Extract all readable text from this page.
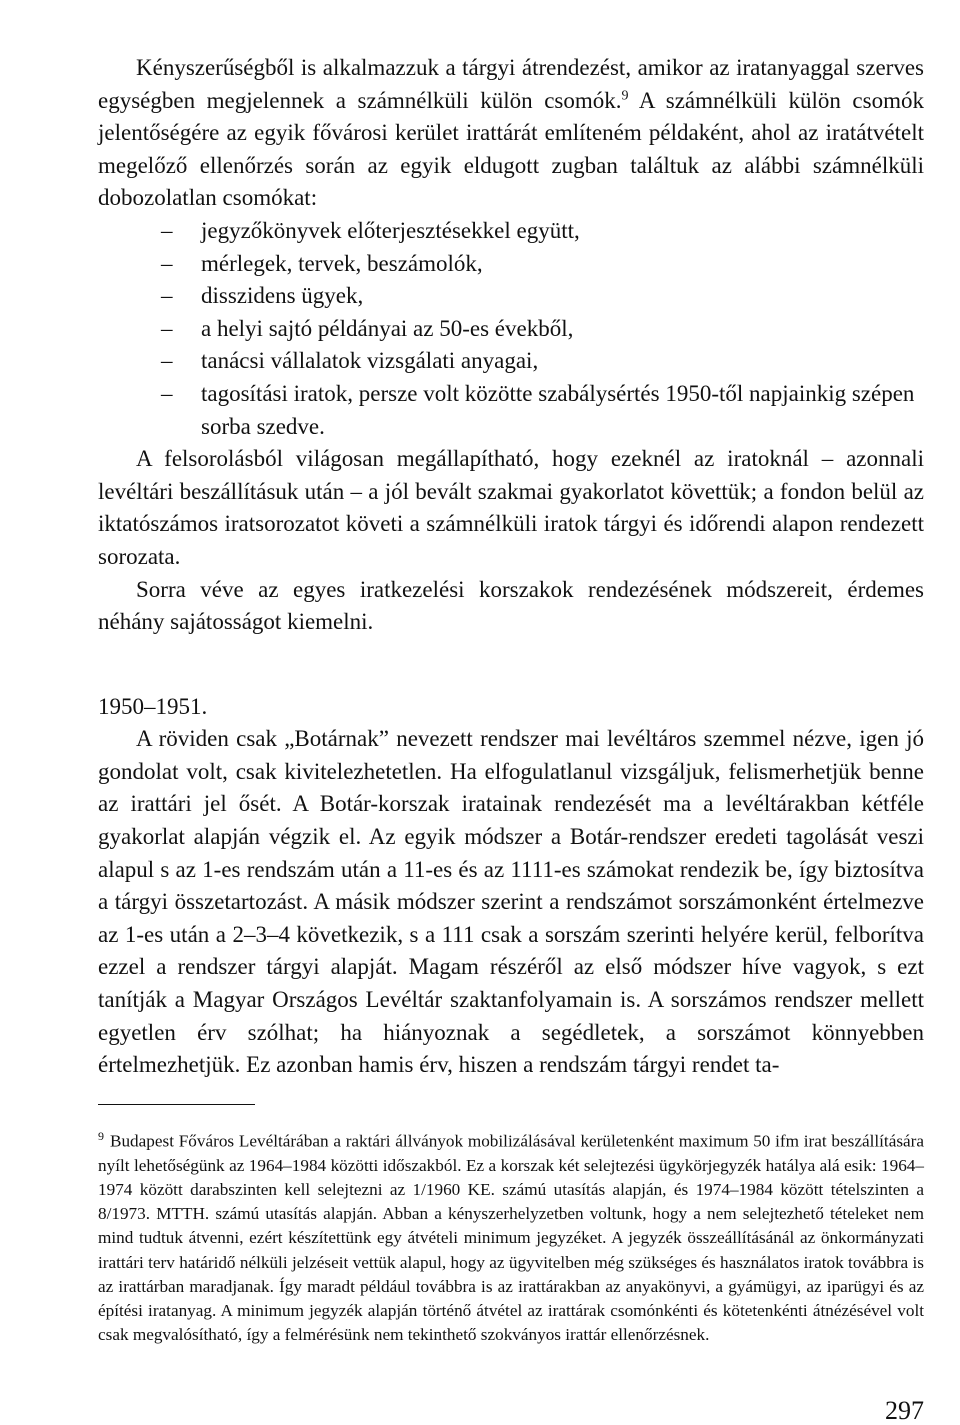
Kényszerűségből is alkalmazzuk a tárgyi átrendezést, amikor az iratanyaggal szerves egységben megjelennek a számnélküli külön csomók.$^9$ A számnélküli külön csomók jelentőségére az egyik fővárosi kerület irattárát említeném példaként, ahol az iratátvételt megelőző ellenőrzés során az egyik eldugott zugban találtuk az alábbi számnélküli dobozolatlan csomókat:

– jegyzőkönyvek előterjesztésekkel együtt,
– mérlegek, tervek, beszámolók,
– disszidens ügyek,
– a helyi sajtó példányai az 50-es évekből,
– tanácsi vállalatok vizsgálati anyagai,
– tagosítási iratok, persze volt közötte szabálysértés 1950-től napjainkig szépen sorba szedve.

A felsorolásból világosan megállapítható, hogy ezeknél az iratoknál – azonnali levéltári beszállításuk után – a jól bevált szakmai gyakorlatot követtük; a fondon belül az iktatószámos iratsorozatot követi a számnélküli iratok tárgyi és időrendi alapon rendezett sorozata.

Sorra véve az egyes iratkezelési korszakok rendezésének módszereit, érdemes néhány sajátosságot kiemelni.

1950–1951.

A röviden csak „Botárnak” nevezett rendszer mai levéltáros szemmel nézve, igen jó gondolat volt, csak kivitelezhetetlen. Ha elfogulatlanul vizsgáljuk, felismerhetjük benne az irattári jel ősét. A Botár-korszak iratainak rendezését ma a levéltárakban kétféle gyakorlat alapján végzik el. Az egyik módszer a Botár-rendszer eredeti tagolását veszi alapul s az 1-es rendszám után a 11-es és az 1111-es számokat rendezik be, így biztosítva a tárgyi összetartozást. A másik módszer szerint a rendszámot sorszámonként értelmezve az 1-es után a 2–3–4 következik, s a 111 csak a sorszám szerinti helyére kerül, felborítva ezzel a rendszer tárgyi alapját. Magam részéről az első módszer híve vagyok, s ezt tanítják a Magyar Országos Levéltár szaktanfolyamain is. A sorszámos rendszer mellett egyetlen érv szólhat; ha hiányoznak a segédletek, a sorszámot könnyebben értelmezhetjük. Ez azonban hamis érv, hiszen a rendszám tárgyi rendet ta-

$^9$ Budapest Főváros Levéltárában a raktári állványok mobilizálásával kerületenként maximum 50 ifm irat beszállítására nyílt lehetőségünk az 1964–1984 közötti időszakból. Ez a korszak két selejtezési ügykörjegyzék hatálya alá esik: 1964–1974 között darabszinten kell selejtezni az 1/1960 KE. számú utasítás alapján, és 1974–1984 között tételszinten a 8/1973. MTTH. számú utasítás alapján. Abban a kényszerhelyzetben voltunk, hogy a nem selejtezhető tételeket nem mind tudtuk átvenni, ezért készítettünk egy átvételi minimum jegyzéket. A jegyzék összeállításánál az önkormányzati irattári terv határidő nélküli jelzéseit vettük alapul, hogy az ügyvitelben még szükséges és használatos iratok továbbra is az irattárban maradjanak. Így maradt például továbbra is az irattárakban az anyakönyvi, a gyámügyi, az iparügyi és az építési iratanyag. A minimum jegyzék alapján történő átvétel az irattárak csomónkénti és kötetenkénti átnézésével volt csak megvalósítható, így a felmérésünk nem tekinthető szokványos irattár ellenőrzésnek.

297
